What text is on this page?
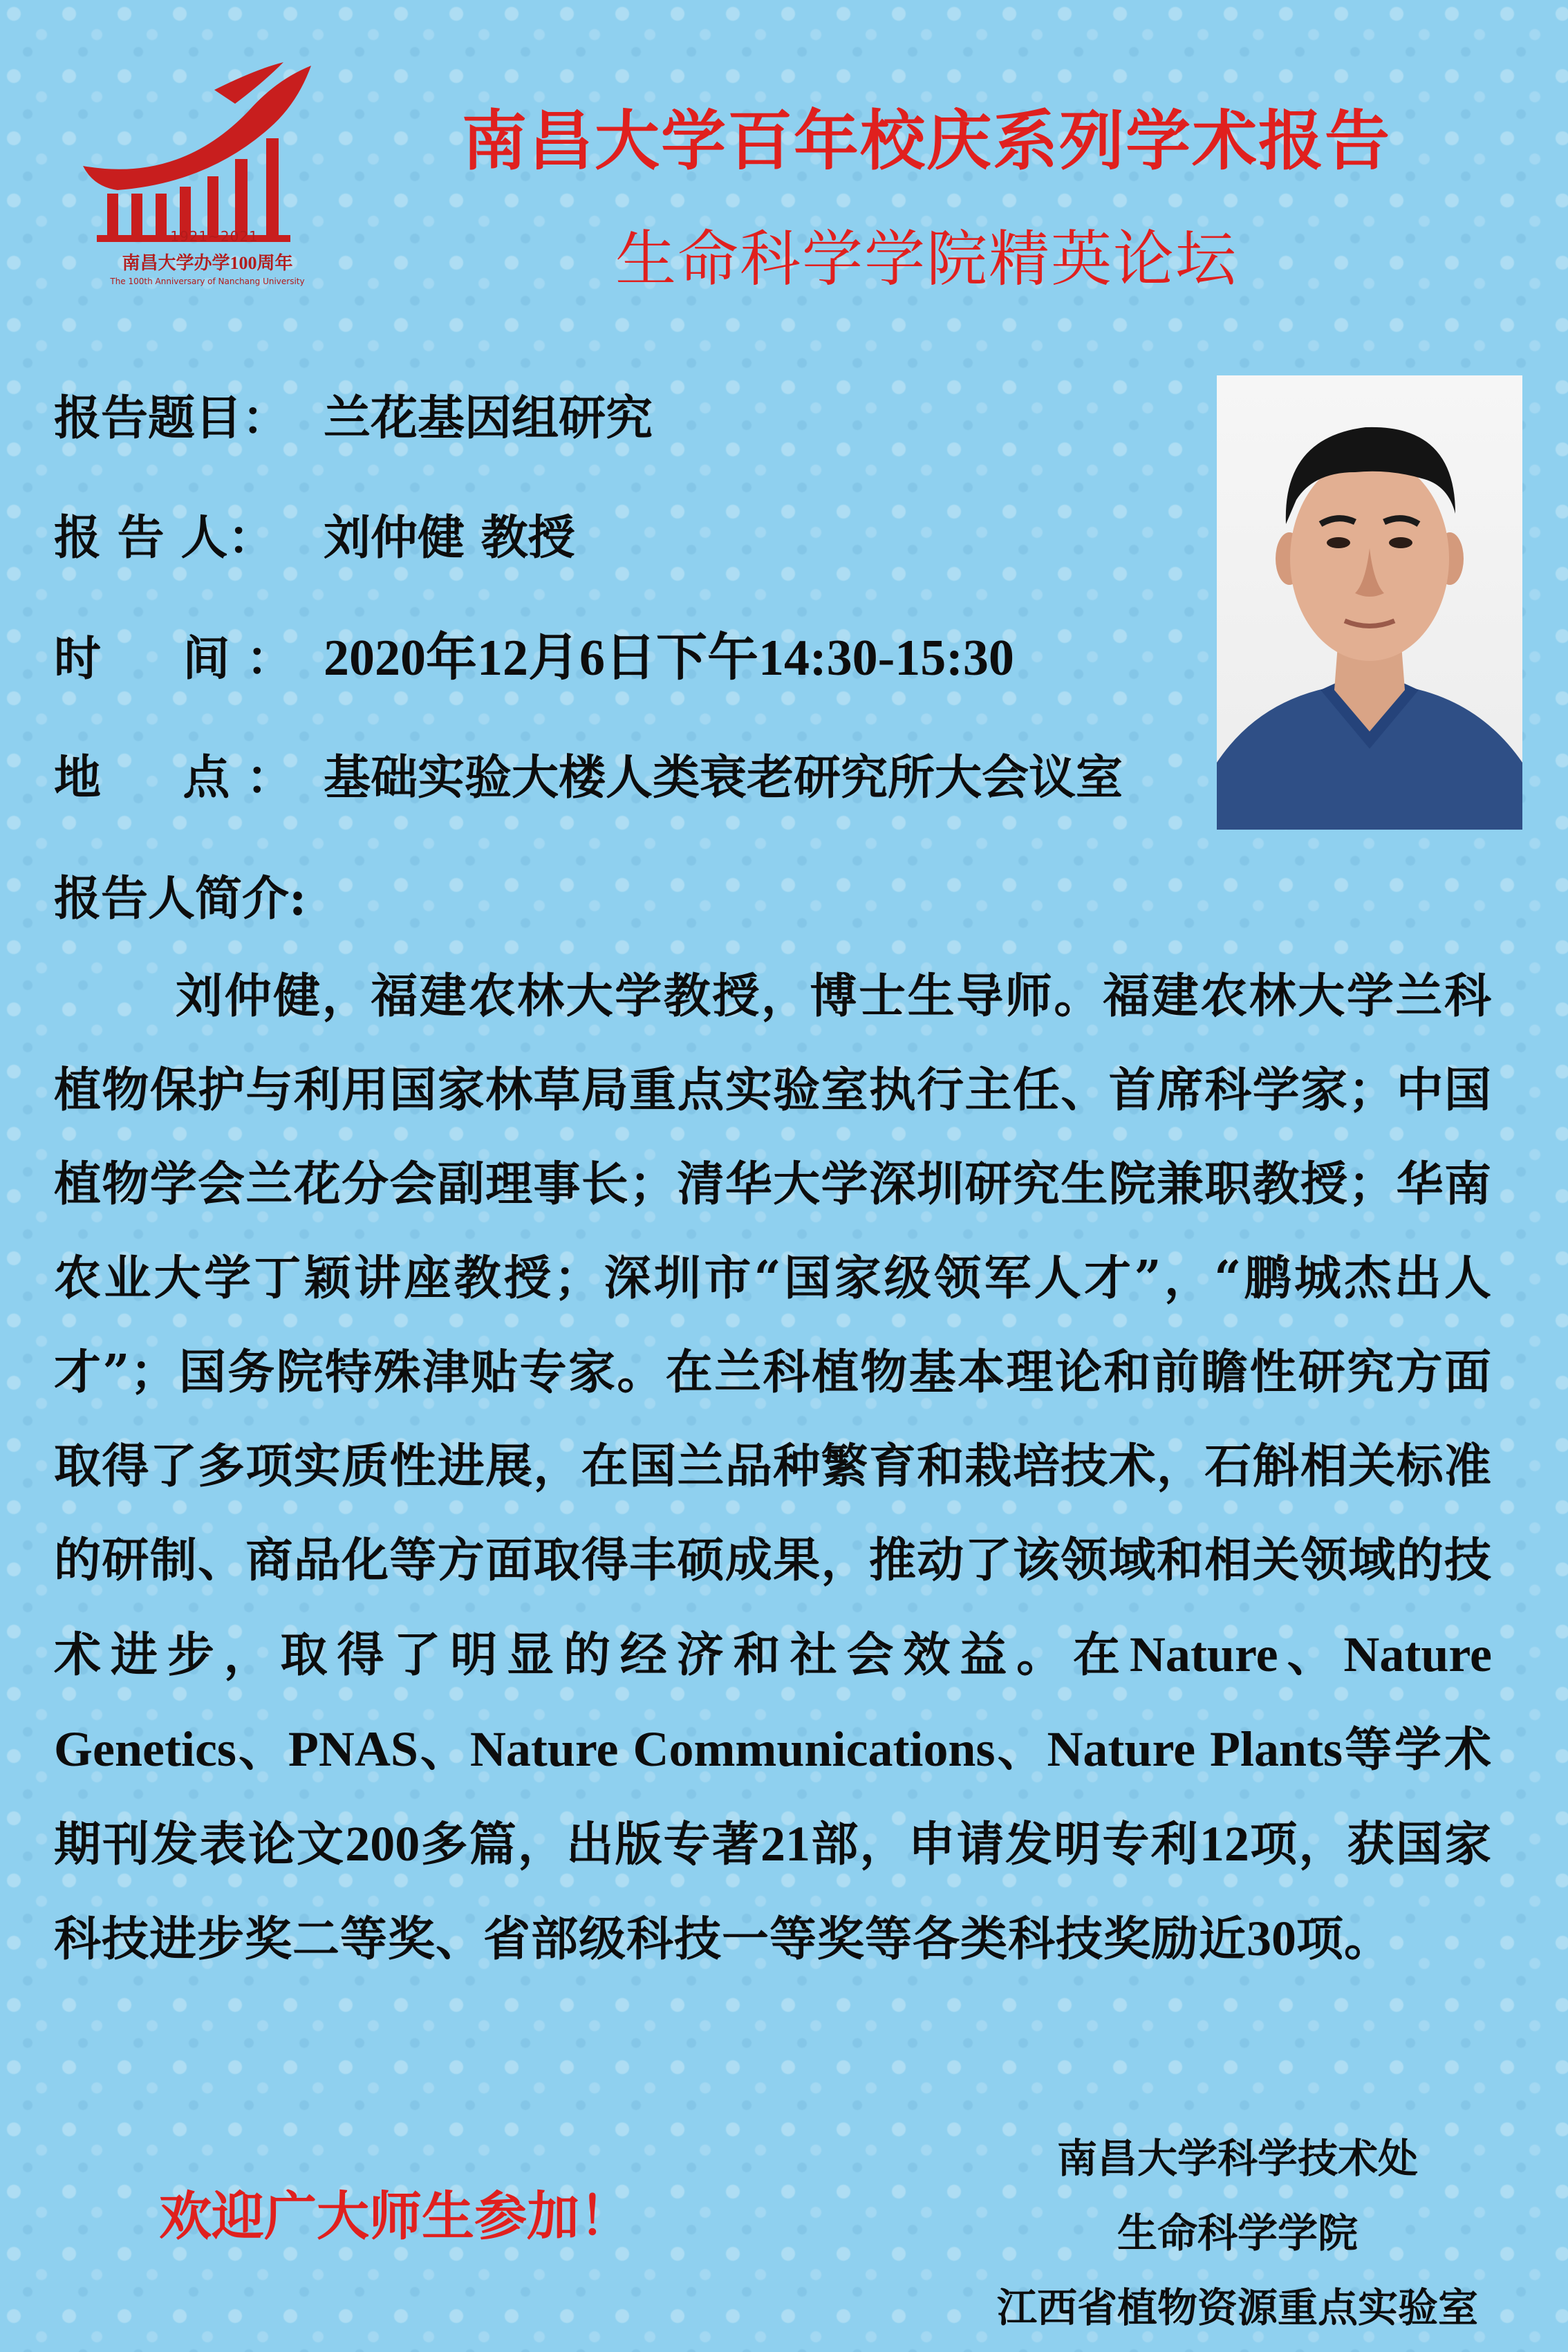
1921~2021
南昌大学办学100周年
The 100th Anniversary of Nanchang University
南昌大学百年校庆系列学术报告
生命科学学院精英论坛
报告题目： 兰花基因组研究
报 告 人： 刘仲健 教授
时     间 ： 2020年12月6日下午14:30-15:30
地     点 ： 基础实验大楼人类衰老研究所大会议室
报告人简介:
刘仲健，福建农林大学教授，博士生导师。福建农林大学兰科植物保护与利用国家林草局重点实验室执行主任、首席科学家；中国植物学会兰花分会副理事长；清华大学深圳研究生院兼职教授；华南农业大学丁颖讲座教授；深圳市“国家级领军人才”，“鹏城杰出人才”；国务院特殊津贴专家。在兰科植物基本理论和前瞻性研究方面取得了多项实质性进展，在国兰品种繁育和栽培技术，石斛相关标准的研制、商品化等方面取得丰硕成果，推动了该领域和相关领域的技术进步，取得了明显的经济和社会效益。在Nature、Nature Genetics、PNAS、Nature Communications、Nature Plants等学术期刊发表论文200多篇，出版专著21部，申请发明专利12项，获国家科技进步奖二等奖、省部级科技一等奖等各类科技奖励近30项。
欢迎广大师生参加！
南昌大学科学技术处
生命科学学院
江西省植物资源重点实验室
